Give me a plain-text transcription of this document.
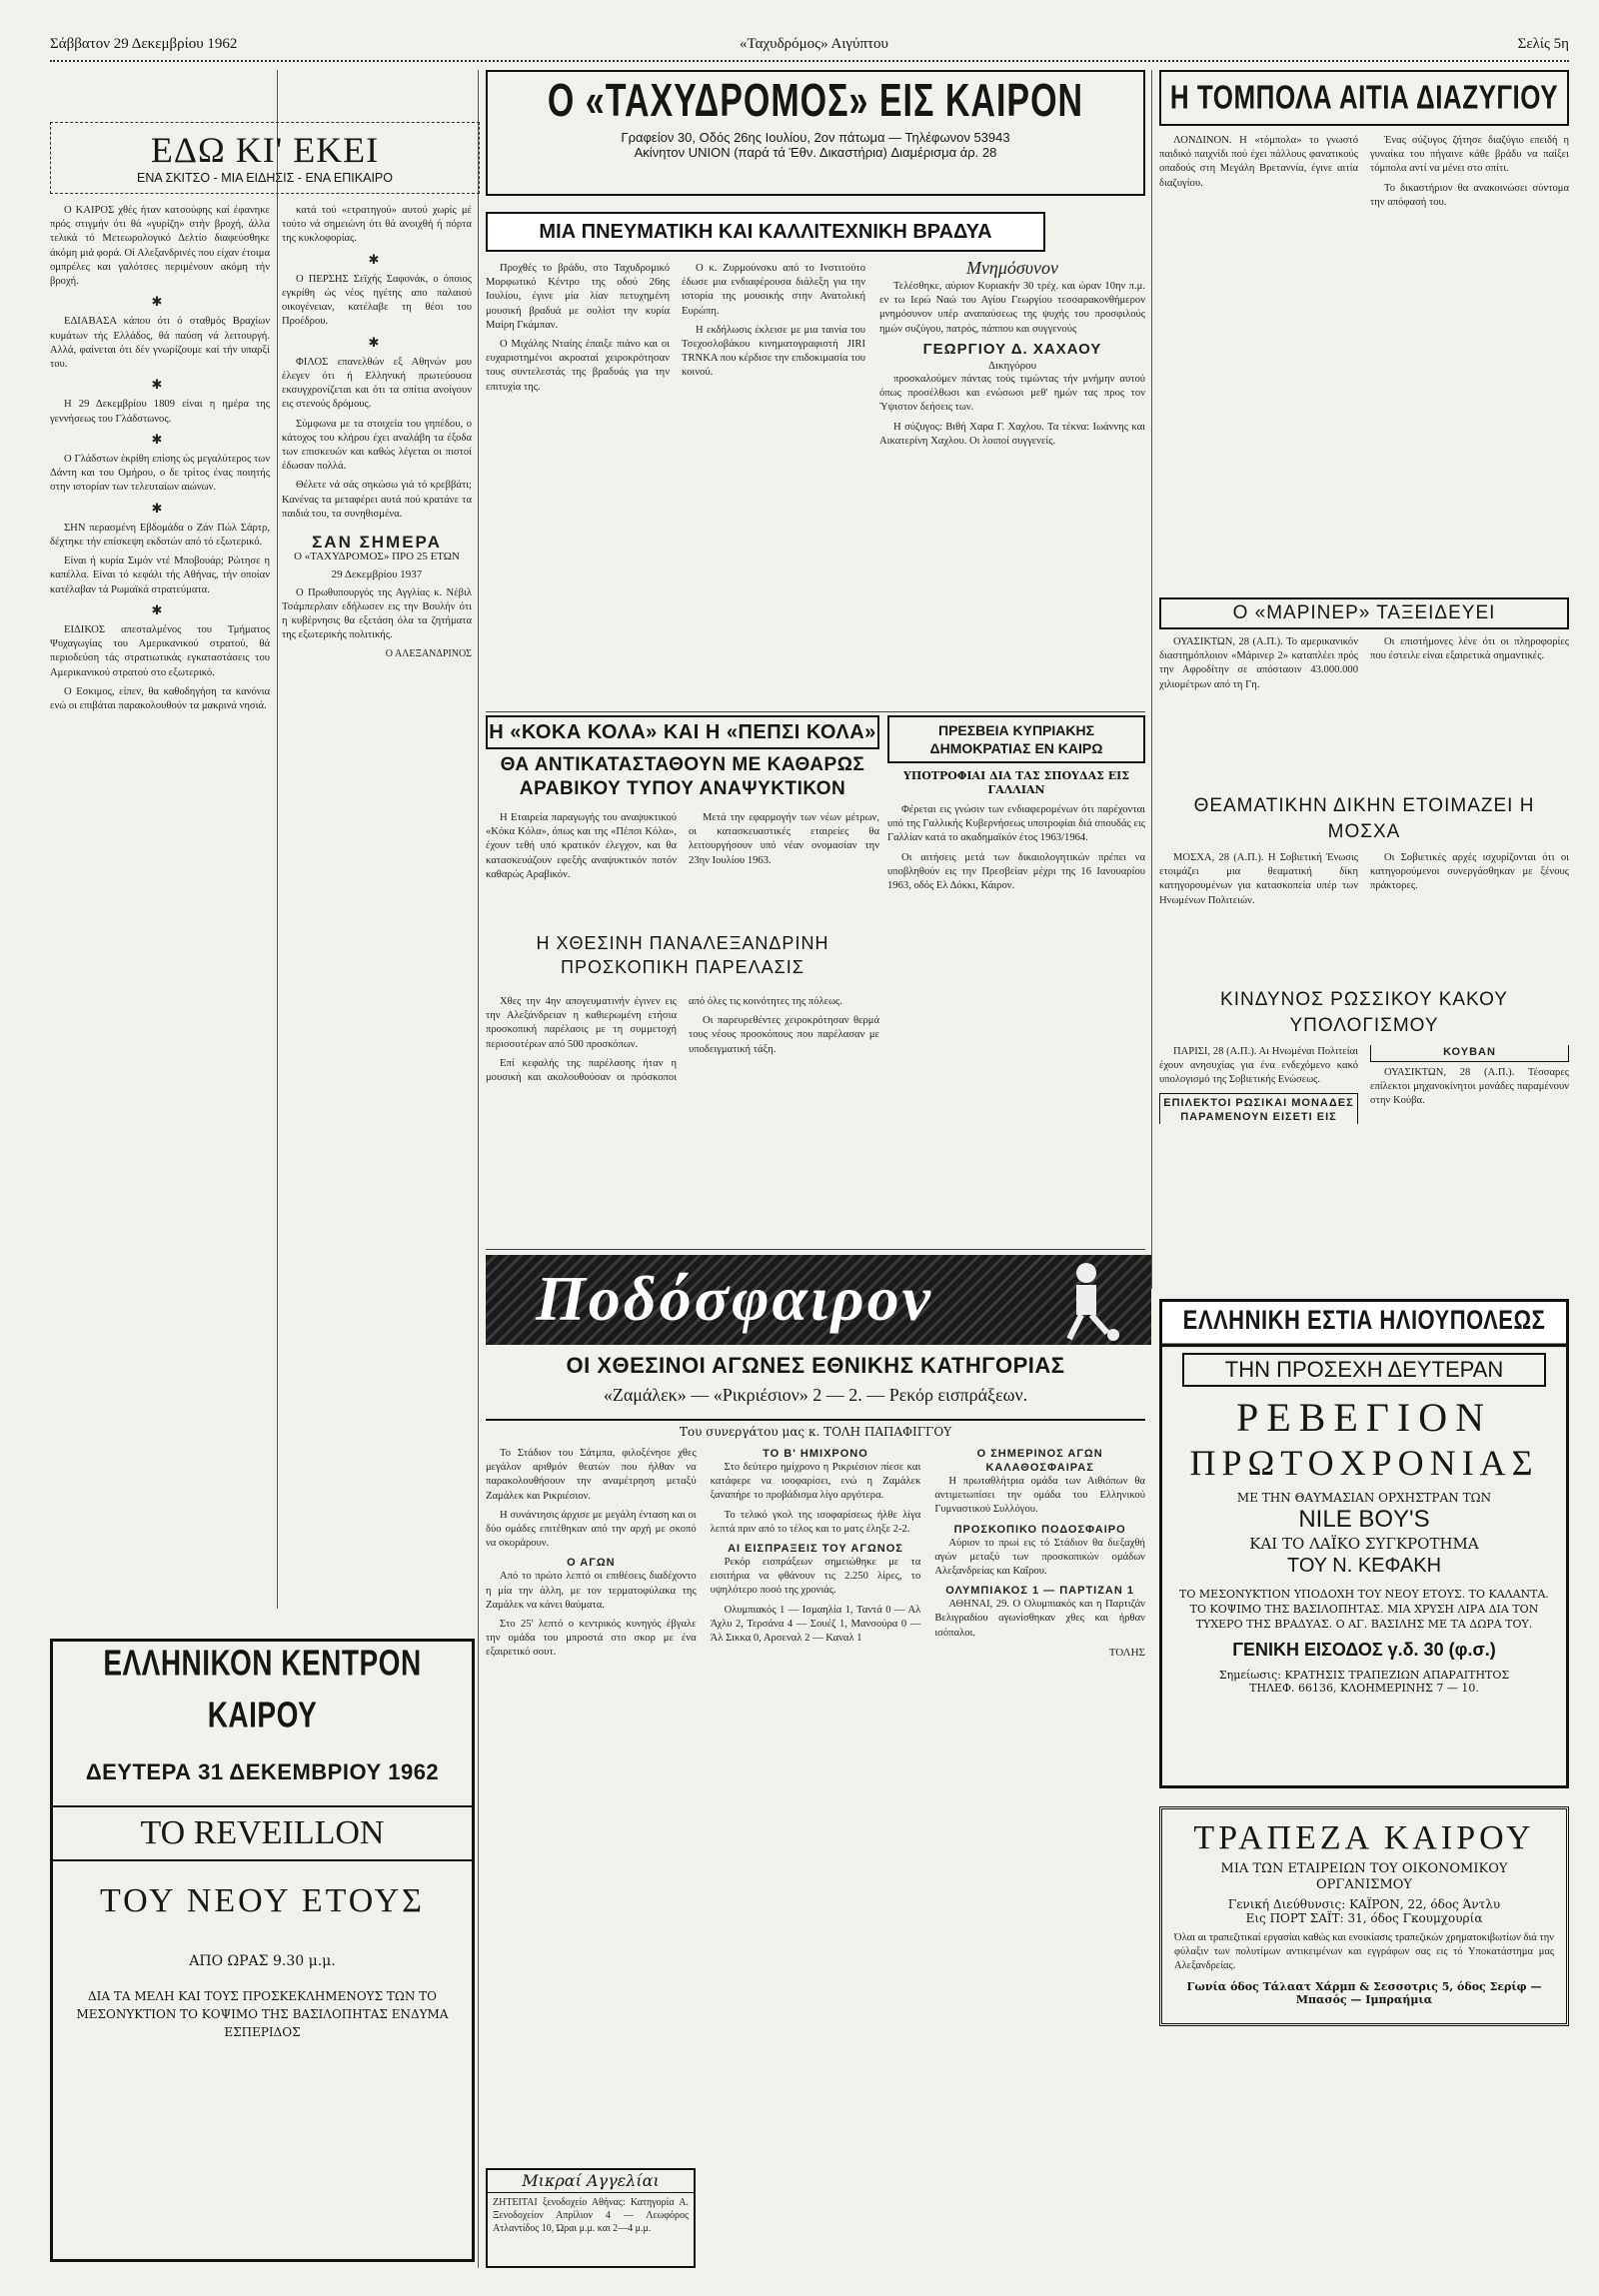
Σάββατον 29 Δεκεμβρίου 1962	«Ταχυδρόμος» Αιγύπτου	Σελίς 5η
ΕΔΩ ΚΙ' ΕΚΕΙ
ΕΝΑ ΣΚΙΤΣΟ - ΜΙΑ ΕΙΔΗΣΙΣ - ΕΝΑ ΕΠΙΚΑΙΡΟ

Ο ΚΑΙΡΟΣ χθές ήταν κατσούφης καί έφανηκε πρός στιγμήν ότι θά «γυρίζη» στήν βροχή, άλλα τελικά τό Μετεωρολογικό Δελτίο διαφεύσθηκε άκόμη μιά φορά. Οί Αλεξανδρινές που είχαν έτοιμα ομπρέλες και γαλότσες περιμένουν ακόμη τήν βροχή.

✱

ΕΔΙΑΒΑΣΑ κάπου ότι ό σταθμός Βραχίων κυμάτων τής Ελλάδος, θά παύση νά λειτουργή. Αλλά, φαίνεται ότι δέν γνωρίζουμε καί τήν υπαρξί του.

✱

Η 29 Δεκεμβρίου 1809 είναι η ημέρα της γεννήσεως του Γλάδστωνος.

✱

Ο Γλάδστων έκρίθη επίσης ώς μεγαλύτερος των Δάντη και του Ομήρου, ο δε τρίτος ένας ποιητής στην ιστορίαν των τελευταίων αιώνων.

✱

ΣΗΝ περασμένη Εβδομάδα ο Ζάν Πώλ Σάρτρ, δέχτηκε τήν επίσκεψη εκδοτών από τό εξωτερικό.

Είναι ή κυρία Σιμόν ντέ Μποβουάρ; Ρώτησε η καπέλλα. Είναι τό κεφάλι τής Αθήνας, τήν οποίαν κατέλαβαν τά Ρωμαϊκά στρατεύματα.

✱

ΕΙΔΙΚΟΣ απεσταλμένος του Τμήματος Ψυχαγωγίας του Αμερικανικού στρατού, θά περιοδεύση τάς στρατιωτικάς εγκαταστάσεις του Αμερικανικού στρατού στο εξωτερικό.

Ο Εσκιμος, είπεν, θα καθοδηγήση τα κανόνια ενώ οι επιβάται παρακολουθούν τα μακρινά νησιά.

κατά τού «ετρατηγού» αυτού χωρίς μέ τούτο νά σημειώνη ότι θά ανοιχθή ή πόρτα της κυκλοφορίας.

✱

Ο ΠΕΡΣΗΣ Σεϊχής Σαφονάκ, ο όποιος εγκρίθη ώς νέος ηγέτης απο παλαιού οικογένειαν, κατέλαβε τη θέσι του Προέδρου.

✱

ΦΙΛΟΣ επανελθών εξ Αθηνών μου έλεγεν ότι ή Ελληνική πρωτεύουσα εκσυγχρονίζεται και ότι τα σπίτια ανοίγουν εις στενούς δρόμους.

Σύμφωνα με τα στοιχεία του γηπέδου, ο κάτοχος του κλήρου έχει αναλάβη τα έξοδα των επισκευών και καθώς λέγεται οι πιστοί έδωσαν πολλά.

Θέλετε νά σάς σηκώσω γιά τό κρεββάτι; Κανένας τα μεταφέρει αυτά πού κρατάνε τα παιδιά του, τα συνηθισμένα.

ΣΑΝ ΣΗΜΕΡΑ
Ο «ΤΑΧΥΔΡΟΜΟΣ» ΠΡΟ 25 ΕΤΩΝ
29 Δεκεμβρίου 1937

Ο Πρωθυπουργός της Αγγλίας κ. Νέβιλ Τσάμπερλαιν εδήλωσεν εις την Βουλήν ότι η κυβέρνησις θα εξετάση όλα τα ζητήματα της εξωτερικής πολιτικής.

Ο ΑΛΕΞΑΝΔΡΙΝΟΣ
ΕΛΛΗΝΙΚΟΝ ΚΕΝΤΡΟΝ ΚΑΙΡΟΥ
ΔΕΥΤΕΡΑ 31 ΔΕΚΕΜΒΡΙΟΥ 1962
ΤΟ REVEILLON
ΤΟΥ ΝΕΟΥ ΕΤΟΥΣ
ΑΠΟ ΩΡΑΣ 9.30 μ.μ.
ΔΙΑ ΤΑ ΜΕΛΗ ΚΑΙ ΤΟΥΣ ΠΡΟΣΚΕΚΛΗΜΕΝΟΥΣ ΤΩΝ ΤΟ ΜΕΣΟΝΥΚΤΙΟΝ ΤΟ ΚΟΨΙΜΟ ΤΗΣ ΒΑΣΙΛΟΠΗΤΑΣ ΕΝΔΥΜΑ ΕΣΠΕΡΙΔΟΣ
Ο «ΤΑΧΥΔΡΟΜΟΣ» ΕΙΣ ΚΑΙΡΟΝ
Γραφείον 30, Οδός 26ης Ιουλίου, 2ον πάτωμα — Τηλέφωνον 53943
Ακίνητον UNION (παρά τά Έθν. Δικαστήρια) Διαμέρισμα άρ. 28
ΜΙΑ ΠΝΕΥΜΑΤΙΚΗ ΚΑΙ ΚΑΛΛΙΤΕΧΝΙΚΗ ΒΡΑΔΥΑ

Προχθές το βράδυ, στο Ταχυδρομικό Μορφωτικό Κέντρο της οδού 26ης Ιουλίου, έγινε μία λίαν πετυχημένη μουσική βραδυά με σολίστ την κυρία Μαίρη Γκάμπαν.

Ο Μιχάλης Νταίης έπαιξε πιάνο και οι ευχαριστημένοι ακροαταί χειροκρότησαν τους συντελεστάς της βραδυάς για την επιτυχία της.

Ο κ. Ζυρμούνσκυ από το Ινστιτούτο έδωσε μια ενδιαφέρουσα διάλεξη για την ιστορία της μουσικής στην Ανατολική Ευρώπη.

Η εκδήλωσις έκλεισε με μια ταινία του Τσεχοσλοβάκου κινηματογραφιστή JIRI TRNKA που κέρδισε την επιδοκιμασία του κοινού.

Μνημόσυνον

Τελέσθηκε, αύριον Κυριακήν 30 τρέχ. και ώραν 10ην π.μ. εν τω Ιερώ Ναώ του Αγίου Γεωργίου τεσσαρακονθήμερον μνημόσυνον υπέρ αναπαύσεως της ψυχής του προσφιλούς ημών συζύγου, πατρός, πάππου και συγγενούς

ΓΕΩΡΓΙΟΥ Δ. ΧΑΧΑΟΥ
Δικηγόρου

προσκαλούμεν πάντας τούς τιμώντας τήν μνήμην αυτού όπως προσέλθωσι και ενώσωσι μεθ' ημών τας προς τον Ύψιστον δεήσεις των.

Η σύζυγος: Βιθή Χαρα Γ. Χαχλου. Τα τέκνα: Ιωάννης και Αικατερίνη Χαχλου. Οι λοιποί συγγενείς.

Η «ΚΟΚΑ ΚΟΛΑ» ΚΑΙ Η «ΠΕΠΣΙ ΚΟΛΑ»
ΘΑ ΑΝΤΙΚΑΤΑΣΤΑΘΟΥΝ ΜΕ ΚΑΘΑΡΩΣ ΑΡΑΒΙΚΟΥ ΤΥΠΟΥ ΑΝΑΨΥΚΤΙΚΟΝ

Η Εταιρεία παραγωγής του αναψυκτικού «Κόκα Κόλα», όπως και της «Πέπσι Κόλα», έχουν τεθή υπό κρατικόν έλεγχον, και θα κατασκευάζουν εφεξής αναψυκτικόν ποτόν καθαρώς Αραβικόν.

Μετά την εφαρμογήν των νέων μέτρων, οι κατασκευαστικές εταιρείες θα λειτουργήσουν υπό νέαν ονομασίαν την 23ην Ιουλίου 1963.

ΠΡΕΣΒΕΙΑ ΚΥΠΡΙΑΚΗΣ ΔΗΜΟΚΡΑΤΙΑΣ ΕΝ ΚΑΙΡΩ
ΥΠΟΤΡΟΦΙΑΙ ΔΙΑ ΤΑΣ ΣΠΟΥΔΑΣ ΕΙΣ ΓΑΛΛΙΑΝ

Φέρεται εις γνώσιν των ενδιαφερομένων ότι παρέχονται υπό της Γαλλικής Κυβερνήσεως υποτροφίαι διά σπουδάς εις Γαλλίαν κατά το ακαδημαϊκόν έτος 1963/1964.

Οι αιτήσεις μετά των δικαιολογητικών πρέπει να υποβληθούν εις την Πρεσβείαν μέχρι της 16 Ιανουαρίου 1963, οδός Ελ Δόκκι, Κάιρον.

Η ΧΘΕΣΙΝΗ ΠΑΝΑΛΕΞΑΝΔΡΙΝΗ ΠΡΟΣΚΟΠΙΚΗ ΠΑΡΕΛΑΣΙΣ

Χθες την 4ην απογευματινήν έγινεν εις την Αλεξάνδρειαν η καθιερωμένη ετήσια προσκοπική παρέλασις με τη συμμετοχή περισσοτέρων από 500 προσκόπων.

Επί κεφαλής της παρέλασης ήταν η μουσική και ακολουθούσαν οι πρόσκοποι από όλες τις κοινότητες της πόλεως.

Οι παρευρεθέντες χειροκρότησαν θερμά τους νέους προσκόπους που παρέλασαν με υποδειγματική τάξη.

Ποδόσφαιρον
ΟΙ ΧΘΕΣΙΝΟΙ ΑΓΩΝΕΣ ΕΘΝΙΚΗΣ ΚΑΤΗΓΟΡΙΑΣ
«Ζαμάλεκ» — «Ρικριέσιον» 2 — 2. — Ρεκόρ εισπράξεων.
Του συνεργάτου μας κ. ΤΟΛΗ ΠΑΠΑΦΙΓΓΟΥ

Το Στάδιον του Σάτμπα, φιλοξένησε χθες μεγάλον αριθμόν θεατών που ήλθαν να παρακολουθήσουν την αναμέτρηση μεταξύ Ζαμάλεκ και Ρικριέσιον.

Η συνάντησις άρχισε με μεγάλη ένταση και οι δύο ομάδες επιτέθηκαν από την αρχή με σκοπό να σκοράρουν.

Ο ΑΓΩΝ

Από το πρώτο λεπτό οι επιθέσεις διαδέχοντο η μία την άλλη, με τον τερματοφύλακα της Ζαμάλεκ να κάνει θαύματα.

Στο 25' λεπτό ο κεντρικός κυνηγός έβγαλε την ομάδα του μπροστά στο σκορ με ένα εξαιρετικό σουτ.

ΤΟ Β' ΗΜΙΧΡΟΝΟ

Στο δεύτερο ημίχρονο η Ρικριέσιον πίεσε και κατάφερε να ισοφαρίσει, ενώ η Ζαμάλεκ ξαναπήρε το προβάδισμα λίγο αργότερα.

Το τελικό γκολ της ισοφαρίσεως ήλθε λίγα λεπτά πριν από το τέλος και το ματς έληξε 2-2.

ΑΙ ΕΙΣΠΡΑΞΕΙΣ ΤΟΥ ΑΓΩΝΟΣ

Ρεκόρ εισπράξεων σημειώθηκε με τα εισιτήρια να φθάνουν τις 2.250 λίρες, το υψηλότερο ποσό της χρονιάς.

Ολυμπιακός 1 — Ισμαηλία 1, Ταντά 0 — Αλ Άχλυ 2, Τερσάνα 4 — Σουέζ 1, Μανσούρα 0 — Άλ Σικκα 0, Αρσεναλ 2 — Καναλ 1

Ο ΣΗΜΕΡΙΝΟΣ ΑΓΩΝ ΚΑΛΑΘΟΣΦΑΙΡΑΣ

Η πρωταθλήτρια ομάδα των Αιθιόπων θα αντιμετωπίσει την ομάδα του Ελληνικού Γυμναστικού Συλλόγου.

ΠΡΟΣΚΟΠΙΚΟ ΠΟΔΟΣΦΑΙΡΟ

Αύριον το πρωί εις τό Στάδιον θα διεξαχθή αγών μεταξύ των προσκοπικών ομάδων Αλεξανδρείας και Καΐρου.

ΟΛΥΜΠΙΑΚΟΣ 1 — ΠΑΡΤΙΖΑΝ 1

ΑΘΗΝΑΙ, 29. Ο Ολυμπιακός και η Παρτιζάν Βελιγραδίου αγωνίσθηκαν χθες και ήρθαν ισόπαλοι.

ΤΟΛΗΣ
Μικραί Αγγελίαι
ΖΗΤΕΙΤΑΙ ξενοδοχείο Αθήνας: Κατηγορία Α. Ξενοδοχείον Απρίλιον 4 — Λεωφόρος Ατλαντίδος 10, Ώραι μ.μ. και 2—4 μ.μ.
Η ΤΟΜΠΟΛΑ ΑΙΤΙΑ ΔΙΑΖΥΓΙΟΥ

ΛΟΝΔΙΝΟΝ. Η «τόμπολα» το γνωστό παιδικό παιχνίδι πού έχει πάλλους φανατικούς οπαδούς στη Μεγάλη Βρεταννία, έγινε αιτία διαζυγίου.

Ένας σύζυγος ζήτησε διαζύγιο επειδή η γυναίκα του πήγαινε κάθε βράδυ να παίξει τόμπολα αντί να μένει στο σπίτι.

Το δικαστήριον θα ανακοινώσει σύντομα την απόφασή του.

Ο «ΜΑΡΙΝΕΡ» ΤΑΞΕΙΔΕΥΕΙ

ΟΥΑΣΙΚΤΩΝ, 28 (Α.Π.). Το αμερικανικόν διαστημόπλοιον «Μάρινερ 2» καταπλέει πρός την Αφροδίτην σε απόστασιν 43.000.000 χιλιομέτρων από τη Γη.

Οι επιστήμονες λένε ότι οι πληροφορίες που έστειλε είναι εξαιρετικά σημαντικές.

ΘΕΑΜΑΤΙΚΗΝ ΔΙΚΗΝ ΕΤΟΙΜΑΖΕΙ Η ΜΟΣΧΑ

ΜΟΣΧΑ, 28 (Α.Π.). Η Σοβιετική Ένωσις ετοιμάζει μια θεαματική δίκη κατηγορουμένων για κατασκοπεία υπέρ των Ηνωμένων Πολιτειών.

Οι Σοβιετικές αρχές ισχυρίζονται ότι οι κατηγορούμενοι συνεργάσθηκαν με ξένους πράκτορες.

ΚΙΝΔΥΝΟΣ ΡΩΣΣΙΚΟΥ ΚΑΚΟΥ ΥΠΟΛΟΓΙΣΜΟΥ

ΠΑΡΙΣΙ, 28 (Α.Π.). Αι Ηνωμέναι Πολιτείαι έχουν ανησυχίας για ένα ενδεχόμενο κακό υπολογισμό της Σοβιετικής Ενώσεως.

ΕΠΙΛΕΚΤΟΙ ΡΩΣΙΚΑΙ ΜΟΝΑΔΕΣ ΠΑΡΑΜΕΝΟΥΝ ΕΙΣΕΤΙ ΕΙΣ ΚΟΥΒΑΝ

ΟΥΑΣΙΚΤΩΝ, 28 (Α.Π.). Τέσσαρες επίλεκτοι μηχανοκίνητοι μονάδες παραμένουν στην Κούβα.

ΕΛΛΗΝΙΚΗ ΕΣΤΙΑ ΗΛΙΟΥΠΟΛΕΩΣ
ΤΗΝ ΠΡΟΣΕΧΗ ΔΕΥΤΕΡΑΝ
ΡΕΒΕΓΙΟΝ
ΠΡΩΤΟΧΡΟΝΙΑΣ
ΜΕ ΤΗΝ ΘΑΥΜΑΣΙΑΝ ΟΡΧΗΣΤΡΑΝ ΤΩΝ
NILE BOY'S
ΚΑΙ ΤΟ ΛΑΪΚΟ ΣΥΓΚΡΟΤΗΜΑ
ΤΟΥ Ν. ΚΕΦΑΚΗ
ΤΟ ΜΕΣΟΝΥΚΤΙΟΝ ΥΠΟΔΟΧΗ ΤΟΥ ΝΕΟΥ ΕΤΟΥΣ. ΤΟ ΚΑΛΑΝΤΑ. ΤΟ ΚΟΨΙΜΟ ΤΗΣ ΒΑΣΙΛΟΠΗΤΑΣ. ΜΙΑ ΧΡΥΣΗ ΛΙΡΑ ΔΙΑ ΤΟΝ ΤΥΧΕΡΟ ΤΗΣ ΒΡΑΔΥΑΣ. Ο ΑΓ. ΒΑΣΙΛΗΣ ΜΕ ΤΑ ΔΩΡΑ ΤΟΥ.
ΓΕΝΙΚΗ ΕΙΣΟΔΟΣ γ.δ. 30 (φ.σ.)
Σημείωσις: ΚΡΑΤΗΣΙΣ ΤΡΑΠΕΖΙΩΝ ΑΠΑΡΑΙΤΗΤΟΣ
ΤΗΛΕΦ. 66136, ΚΛΟΗΜΕΡΙΝΗΣ 7 — 10.
ΤΡΑΠΕΖΑ ΚΑΙΡΟΥ
ΜΙΑ ΤΩΝ ΕΤΑΙΡΕΙΩΝ ΤΟΥ ΟΙΚΟΝΟΜΙΚΟΥ ΟΡΓΑΝΙΣΜΟΥ
Γενική Διεύθυνσις: ΚΑΪΡΟΝ, 22, όδος Άντλυ
Εις ΠΟΡΤ ΣΑΪΤ: 31, όδος Γκουμχουρία
Όλαι αι τραπεζιτικαί εργασίαι καθώς και ενοικίασις τραπεζικών χρηματοκιβωτίων διά την φύλαξιν των πολυτίμων αντικειμένων και εγγράφων σας εις τό Υποκατάστημα μας Αλεξανδρείας.
Γωνία όδος Τάλαατ Χάρμπ & Σεσσοτρις 5, όδος Σερίφ — Μπασός — Ιμπραήμια
